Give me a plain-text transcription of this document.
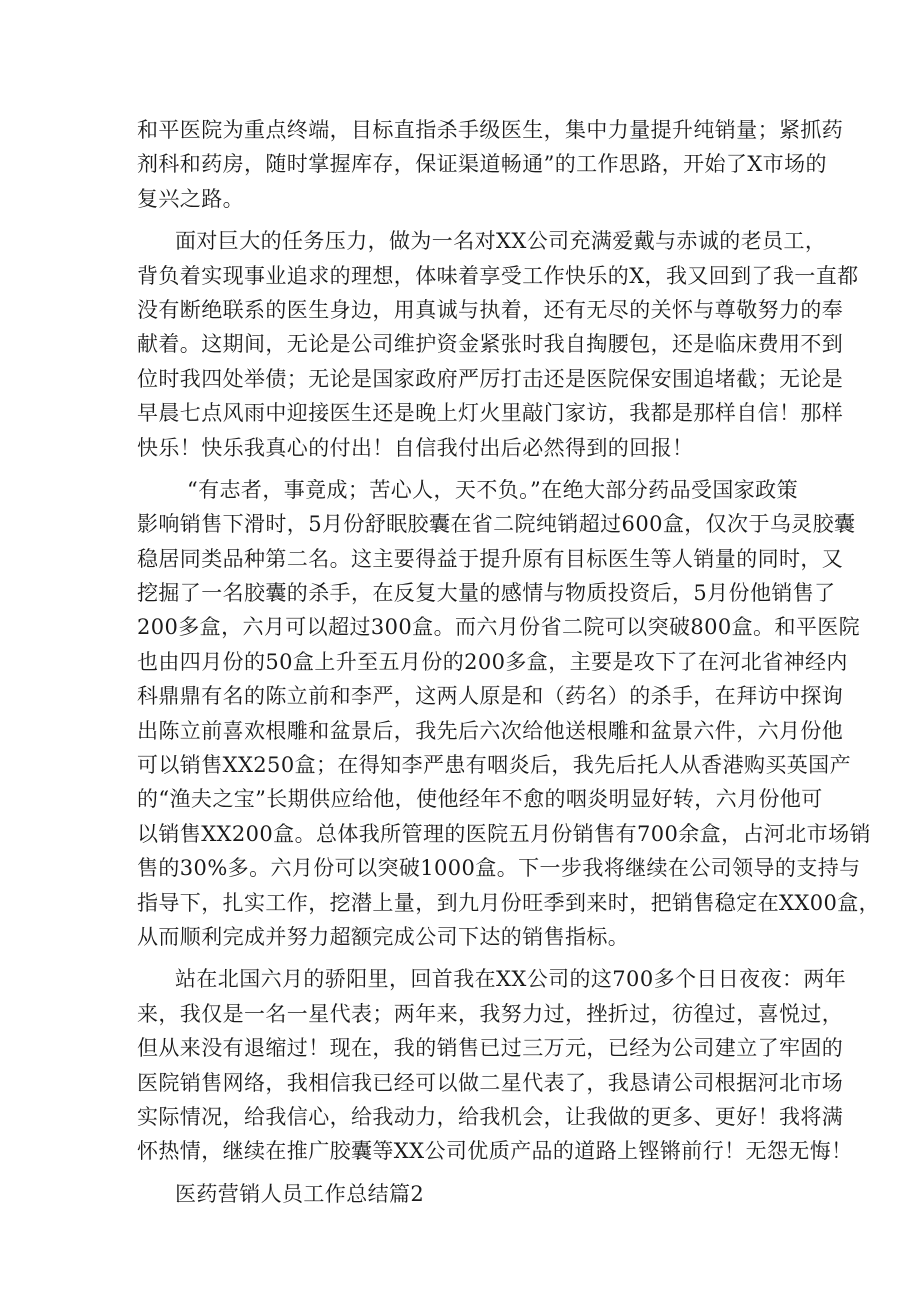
和平医院为重点终端，目标直指杀手级医生，集中力量提升纯销量；紧抓药
剂科和药房，随时掌握库存，保证渠道畅通”的工作思路，开始了X市场的
复兴之路。
面对巨大的任务压力，做为一名对XX公司充满爱戴与赤诚的老员工，
背负着实现事业追求的理想，体味着享受工作快乐的X，我又回到了我一直都
没有断绝联系的医生身边，用真诚与执着，还有无尽的关怀与尊敬努力的奉
献着。这期间，无论是公司维护资金紧张时我自掏腰包，还是临床费用不到
位时我四处举债；无论是国家政府严厉打击还是医院保安围追堵截；无论是
早晨七点风雨中迎接医生还是晚上灯火里敲门家访，我都是那样自信！那样
快乐！快乐我真心的付出！自信我付出后必然得到的回报！
“有志者，事竟成；苦心人，天不负。”在绝大部分药品受国家政策
影响销售下滑时，5月份舒眠胶囊在省二院纯销超过600盒，仅次于乌灵胶囊
稳居同类品种第二名。这主要得益于提升原有目标医生等人销量的同时，又
挖掘了一名胶囊的杀手，在反复大量的感情与物质投资后，5月份他销售了
200多盒，六月可以超过300盒。而六月份省二院可以突破800盒。和平医院
也由四月份的50盒上升至五月份的200多盒，主要是攻下了在河北省神经内
科鼎鼎有名的陈立前和李严，这两人原是和（药名）的杀手，在拜访中探询
出陈立前喜欢根雕和盆景后，我先后六次给他送根雕和盆景六件，六月份他
可以销售XX250盒；在得知李严患有咽炎后，我先后托人从香港购买英国产
的“渔夫之宝”长期供应给他，使他经年不愈的咽炎明显好转，六月份他可
以销售XX200盒。总体我所管理的医院五月份销售有700余盒，占河北市场销
售的30%多。六月份可以突破1000盒。下一步我将继续在公司领导的支持与
指导下，扎实工作，挖潜上量，到九月份旺季到来时，把销售稳定在XX00盒，
从而顺利完成并努力超额完成公司下达的销售指标。
站在北国六月的骄阳里，回首我在XX公司的这700多个日日夜夜：两年
来，我仅是一名一星代表；两年来，我努力过，挫折过，彷徨过，喜悦过，
但从来没有退缩过！现在，我的销售已过三万元，已经为公司建立了牢固的
医院销售网络，我相信我已经可以做二星代表了，我恳请公司根据河北市场
实际情况，给我信心，给我动力，给我机会，让我做的更多、更好！我将满
怀热情，继续在推广胶囊等XX公司优质产品的道路上铿锵前行！无怨无悔！
医药营销人员工作总结篇2
